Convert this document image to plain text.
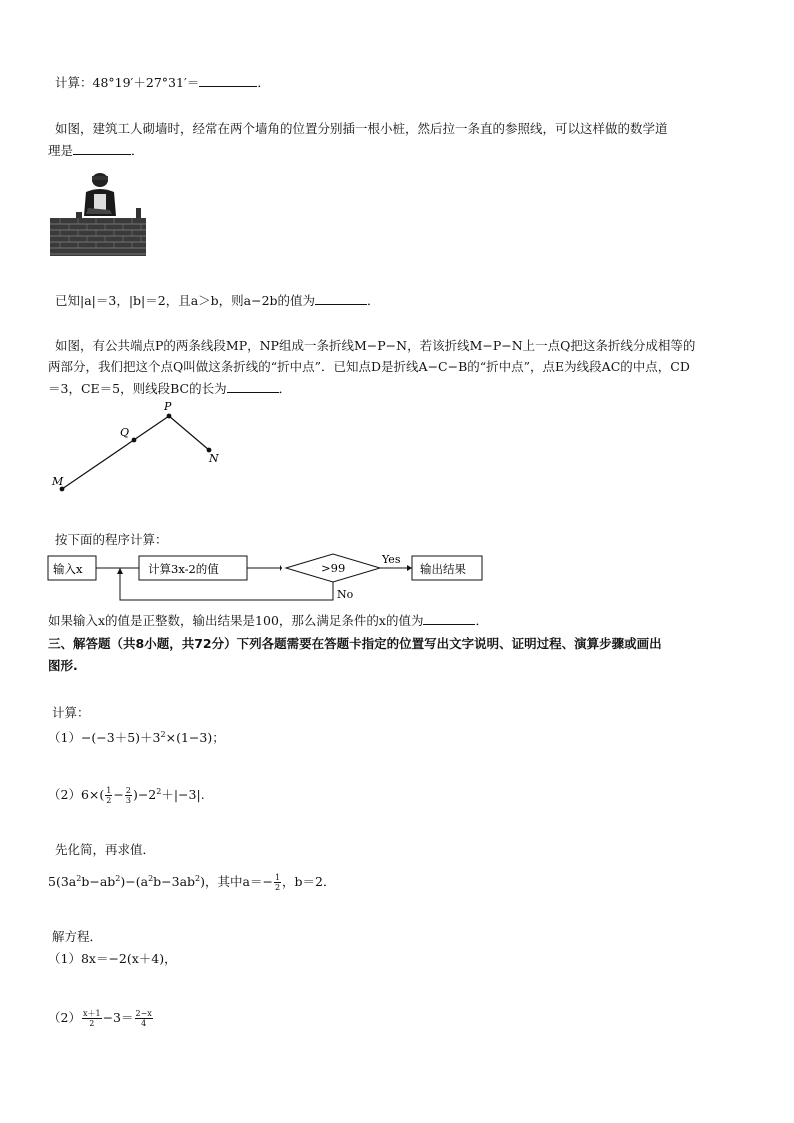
计算：48°19′＋27°31′＝	．
如图，建筑工人砌墙时，经常在两个墙角的位置分别插一根小桩，然后拉一条直的参照线，可以这样做的数学道
理是	．
已知|a|＝3，|b|＝2，且a＞b，则a−2b的值为	．
如图，有公共端点P的两条线段MP，NP组成一条折线M−P−N，若该折线M−P−N上一点Q把这条折线分成相等的
两部分，我们把这个点Q叫做这条折线的“折中点”．已知点D是折线A−C−B的“折中点”，点E为线段AC的中点，CD
＝3，CE＝5，则线段BC的长为	．
P
Q
M
N
按下面的程序计算：
输入x	计算3x-2的值	>99
Yes
输出结果
No
如果输入x的值是正整数，输出结果是100，那么满足条件的x的值为	．
三、解答题（共8小题，共72分）下列各题需要在答题卡指定的位置写出文字说明、证明过程、演算步骤或画出
图形.
计算：
$(1)-(-3+5)+3^2\times(1-3)$；
$(2)6\times( \frac{1}{2} - \frac{2}{3} )-2^2+|-3|$.
先化简，再求值．
$5(3a^2b-ab^2)-(a^2b-3ab^2)$，其中$a=- \frac{1}{2}$ ，b＝2．
解方程．
（1）8x＝−2(x＋4)，
$(2) \frac{x+1}{2} -3= \frac{2-x}{4}$
